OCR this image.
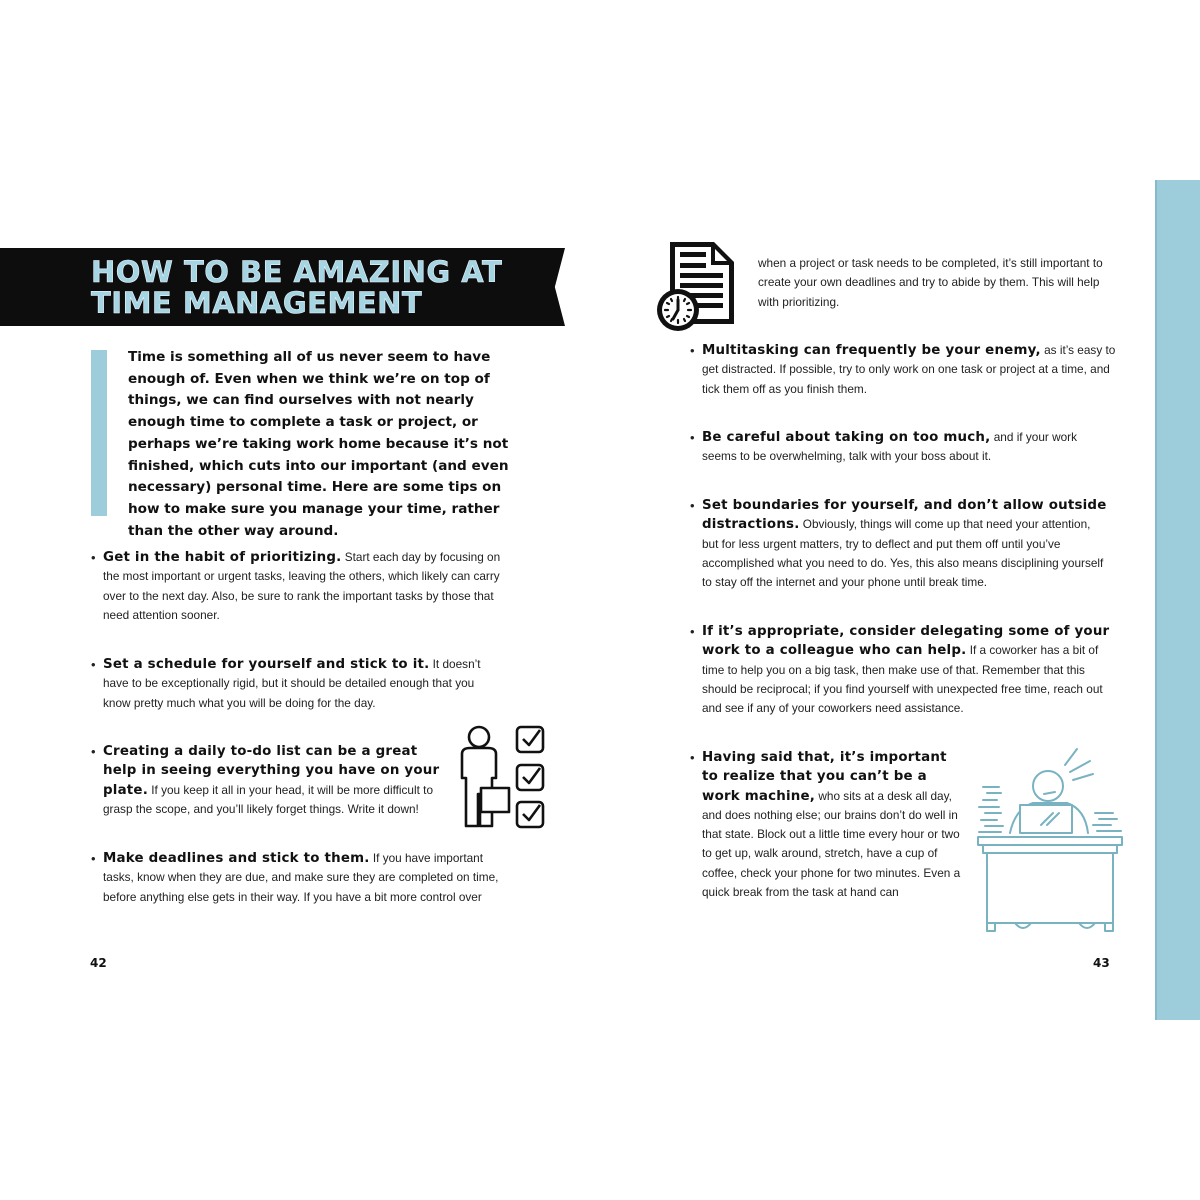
HOW TO BE AMAZING AT TIME MANAGEMENT

Time is something all of us never seem to have enough of. Even when we think we’re on top of things, we can find ourselves with not nearly enough time to complete a task or project, or perhaps we’re taking work home because it’s not finished, which cuts into our important (and even necessary) personal time. Here are some tips on how to make sure you manage your time, rather than the other way around.

• Get in the habit of prioritizing. Start each day by focusing on the most important or urgent tasks, leaving the others, which likely can carry over to the next day. Also, be sure to rank the important tasks by those that need attention sooner.
• Set a schedule for yourself and stick to it. It doesn’t have to be exceptionally rigid, but it should be detailed enough that you know pretty much what you will be doing for the day.
• Creating a daily to-do list can be a great help in seeing everything you have on your plate. If you keep it all in your head, it will be more difficult to grasp the scope, and you’ll likely forget things. Write it down!
• Make deadlines and stick to them. If you have important tasks, know when they are due, and make sure they are completed on time, before anything else gets in their way. If you have a bit more control over
42

when a project or task needs to be completed, it’s still important to create your own deadlines and try to abide by them. This will help with prioritizing.

• Multitasking can frequently be your enemy, as it’s easy to get distracted. If possible, try to only work on one task or project at a time, and tick them off as you finish them.
• Be careful about taking on too much, and if your work seems to be overwhelming, talk with your boss about it.
• Set boundaries for yourself, and don’t allow outside distractions. Obviously, things will come up that need your attention, but for less urgent matters, try to deflect and put them off until you’ve accomplished what you need to do. Yes, this also means disciplining yourself to stay off the internet and your phone until break time.
• If it’s appropriate, consider delegating some of your work to a colleague who can help. If a coworker has a bit of time to help you on a big task, then make use of that. Remember that this should be reciprocal; if you find yourself with unexpected free time, reach out and see if any of your coworkers need assistance.
• Having said that, it’s important to realize that you can’t be a work machine, who sits at a desk all day, and does nothing else; our brains don’t do well in that state. Block out a little time every hour or two to get up, walk around, stretch, have a cup of coffee, check your phone for two minutes. Even a quick break from the task at hand can
43
